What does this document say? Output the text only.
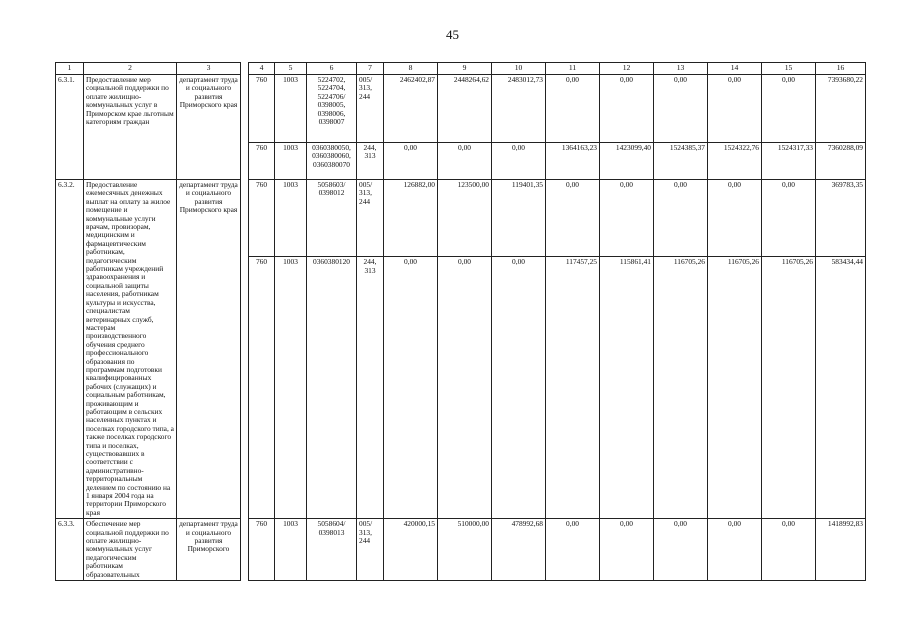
45
1	2	3		4	5	6	7	8	9	10	11	12	13	14	15	16
6.3.1.	Предоставление мер социальной поддержки по оплате жилищно-коммунальных услуг в Приморском крае льготным категориям граждан	департамент труда и социального развития Приморского края		760	1003	5224702, 5224704, 5224706/ 0398005, 0398006, 0398007	005/ 313, 244	2462402,87	2448264,62	2483012,73	0,00	0,00	0,00	0,00	0,00	7393680,22
				760	1003	0360380050, 0360380060, 0360380070	244, 313	0,00	0,00	0,00	1364163,23	1423099,40	1524385,37	1524322,76	1524317,33	7360288,09
6.3.2.	Предоставление ежемесячных денежных выплат на оплату за жилое помещение и коммунальные услуги врачам, провизорам, медицинским и фармацевтическим работникам, педагогическим работникам учреждений здравоохранения и социальной защиты населения, работникам культуры и искусства, специалистам ветеринарных служб, мастерам производственного обучения среднего профессионального образования по программам подготовки квалифицированных рабочих (служащих) и социальным работникам, проживающим и работающим в сельских населенных пунктах и поселках городского типа, а также поселках городского типа и поселках, существовавших в соответствии с административно-территориальным делением по состоянию на 1 января 2004 года на территории Приморского края	департамент труда и социального развития Приморского края		760	1003	5058603/ 0398012	005/ 313, 244	126882,00	123500,00	119401,35	0,00	0,00	0,00	0,00	0,00	369783,35
				760	1003	0360380120	244, 313	0,00	0,00	0,00	117457,25	115861,41	116705,26	116705,26	116705,26	583434,44
6.3.3.	Обеспечение мер социальной поддержки по оплате жилищно-коммунальных услуг педагогическим работникам образовательных	департамент труда и социального развития Приморского		760	1003	5058604/ 0398013	005/ 313, 244	420000,15	510000,00	478992,68	0,00	0,00	0,00	0,00	0,00	1418992,83
